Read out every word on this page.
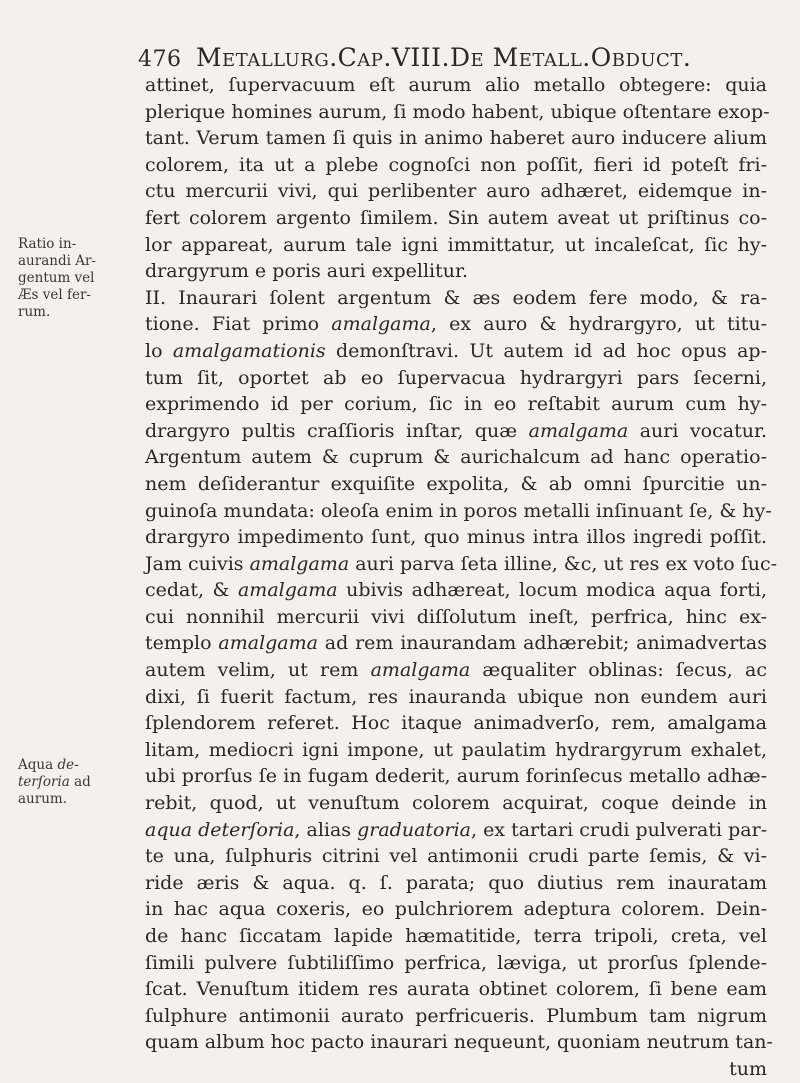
476 Metallurg.Cap.VIII.De Metall.Obduct.
Ratio in-
aurandi Ar-
gentum vel
Æs vel fer-
rum.
Aqua de-
terſoria ad
aurum.
attinet, ſupervacuum eſt aurum alio metallo obtegere: quia
plerique homines aurum, ſi modo habent, ubique oſtentare exop-
tant. Verum tamen ſi quis in animo haberet auro inducere alium
colorem, ita ut a plebe cognoſci non poſſit, fieri id poteſt fri-
ctu mercurii vivi, qui perlibenter auro adhæret, eidemque in-
fert colorem argento ſimilem. Sin autem aveat ut priſtinus co-
lor appareat, aurum tale igni immittatur, ut incaleſcat, ſic hy-
drargyrum e poris auri expellitur.
II. Inaurari ſolent argentum & æs eodem fere modo, & ra-
tione. Fiat primo amalgama, ex auro & hydrargyro, ut titu-
lo amalgamationis demonſtravi. Ut autem id ad hoc opus ap-
tum ſit, oportet ab eo ſupervacua hydrargyri pars ſecerni,
exprimendo id per corium, ſic in eo reſtabit aurum cum hy-
drargyro pultis craſſioris inſtar, quæ amalgama auri vocatur.
Argentum autem & cuprum & aurichalcum ad hanc operatio-
nem deſiderantur exquiſite expolita, & ab omni ſpurcitie un-
guinoſa mundata: oleoſa enim in poros metalli inſinuant ſe, & hy-
drargyro impedimento ſunt, quo minus intra illos ingredi poſſit.
Jam cuivis amalgama auri parva ſeta illine, &c, ut res ex voto ſuc-
cedat, & amalgama ubivis adhæreat, locum modica aqua forti,
cui nonnihil mercurii vivi diſſolutum ineſt, perfrica, hinc ex-
templo amalgama ad rem inaurandam adhærebit; animadvertas
autem velim, ut rem amalgama æqualiter oblinas: ſecus, ac
dixi, ſi fuerit factum, res inauranda ubique non eundem auri
ſplendorem referet. Hoc itaque animadverſo, rem, amalgama
litam, mediocri igni impone, ut paulatim hydrargyrum exhalet,
ubi prorſus ſe in fugam dederit, aurum forinſecus metallo adhæ-
rebit, quod, ut venuſtum colorem acquirat, coque deinde in
aqua deterſoria, alias graduatoria, ex tartari crudi pulverati par-
te una, ſulphuris citrini vel antimonii crudi parte ſemis, & vi-
ride æris & aqua. q. ſ. parata; quo diutius rem inauratam
in hac aqua coxeris, eo pulchriorem adeptura colorem. Dein-
de hanc ſiccatam lapide hæmatitide, terra tripoli, creta, vel
ſimili pulvere ſubtiliſſimo perfrica, læviga, ut prorſus ſplende-
ſcat. Venuſtum itidem res aurata obtinet colorem, ſi bene eam
ſulphure antimonii aurato perfricueris. Plumbum tam nigrum
quam album hoc pacto inaurari nequeunt, quoniam neutrum tan-
tum
